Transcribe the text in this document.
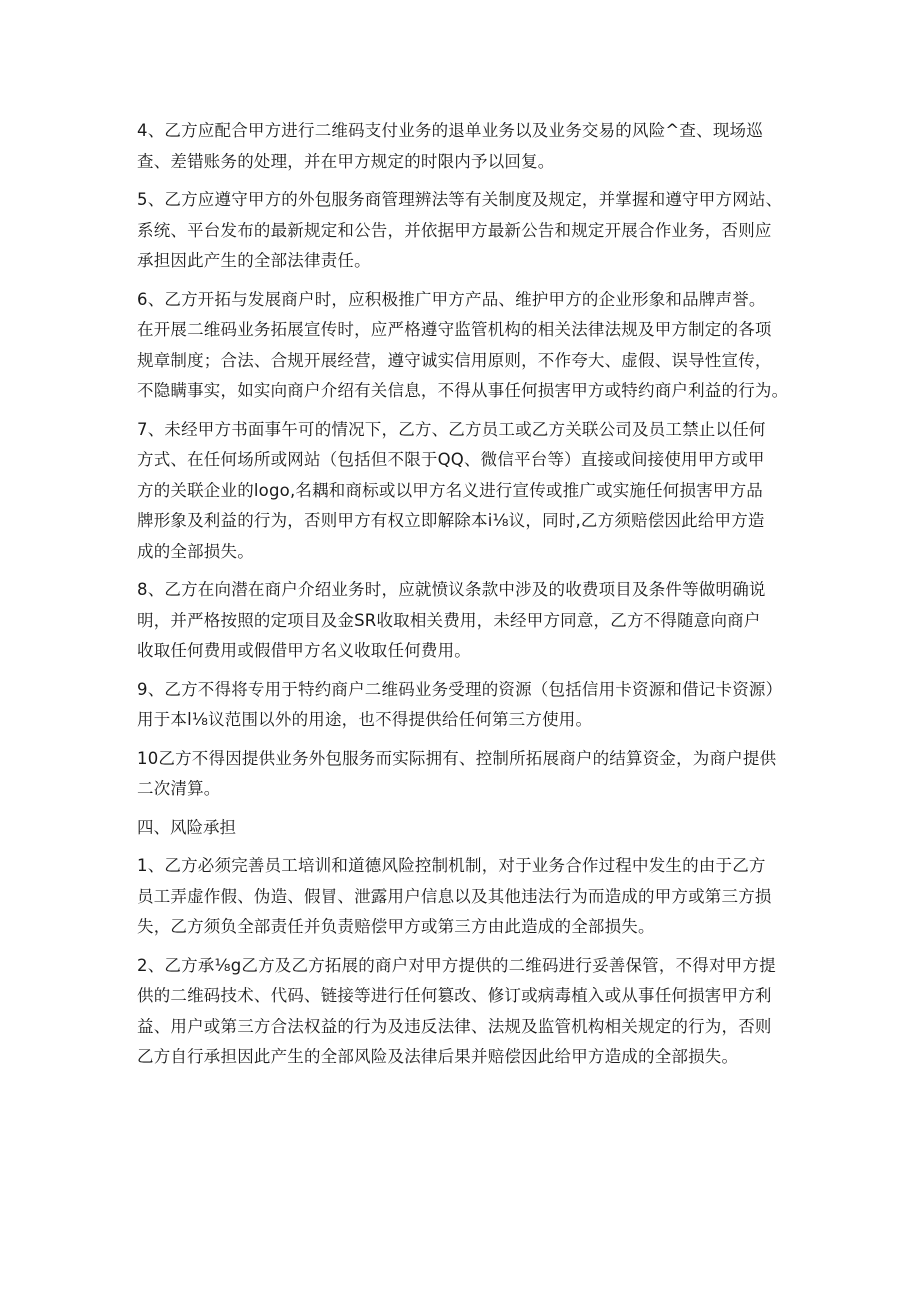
4、乙方应配合甲方进行二维码支付业务的退单业务以及业务交易的风险^查、现场巡
查、差错账务的处理，并在甲方规定的时限内予以回复。

5、乙方应遵守甲方的外包服务商管理辨法等有关制度及规定，并掌握和遵守甲方网站、
系统、平台发布的最新规定和公告，并依据甲方最新公告和规定开展合作业务，否则应
承担因此产生的全部法律责任。

6、乙方开拓与发展商户时，应积极推广甲方产品、维护甲方的企业形象和品牌声誉。
在开展二维码业务拓展宣传时，应严格遵守监管机构的相关法律法规及甲方制定的各项
规章制度；合法、合规开展经营，遵守诚实信用原则，不作夸大、虚假、误导性宣传，
不隐瞒事实，如实向商户介绍有关信息，不得从事任何损害甲方或特约商户利益的行为。

7、未经甲方书面事午可的情况下，乙方、乙方员工或乙方关联公司及员工禁止以任何
方式、在任何场所或网站（包括但不限于QQ、微信平台等）直接或间接使用甲方或甲
方的关联企业的logo,名耦和商标或以甲方名义进行宣传或推广或实施任何损害甲方品
牌形象及利益的行为，否则甲方有权立即解除本i⅛议，同时,乙方须赔偿因此给甲方造
成的全部损失。

8、乙方在向潜在商户介绍业务时，应就愤议条款中涉及的收费项目及条件等做明确说
明，并严格按照的定项目及金SR收取相关费用，未经甲方同意，乙方不得随意向商户
收取任何费用或假借甲方名义收取任何费用。

9、乙方不得将专用于特约商户二维码业务受理的资源（包括信用卡资源和借记卡资源）
用于本l⅛议范围以外的用途，也不得提供给任何第三方使用。

10乙方不得因提供业务外包服务而实际拥有、控制所拓展商户的结算资金，为商户提供
二次清算。

四、风险承担

1、乙方必须完善员工培训和道德风险控制机制，对于业务合作过程中发生的由于乙方
员工弄虚作假、伪造、假冒、泄露用户信息以及其他违法行为而造成的甲方或第三方损
失，乙方须负全部责任并负责赔偿甲方或第三方由此造成的全部损失。

2、乙方承⅛g乙方及乙方拓展的商户对甲方提供的二维码进行妥善保管，不得对甲方提
供的二维码技术、代码、链接等进行任何篡改、修订或病毒植入或从事任何损害甲方利
益、用户或第三方合法权益的行为及违反法律、法规及监管机构相关规定的行为，否则
乙方自行承担因此产生的全部风险及法律后果并赔偿因此给甲方造成的全部损失。
